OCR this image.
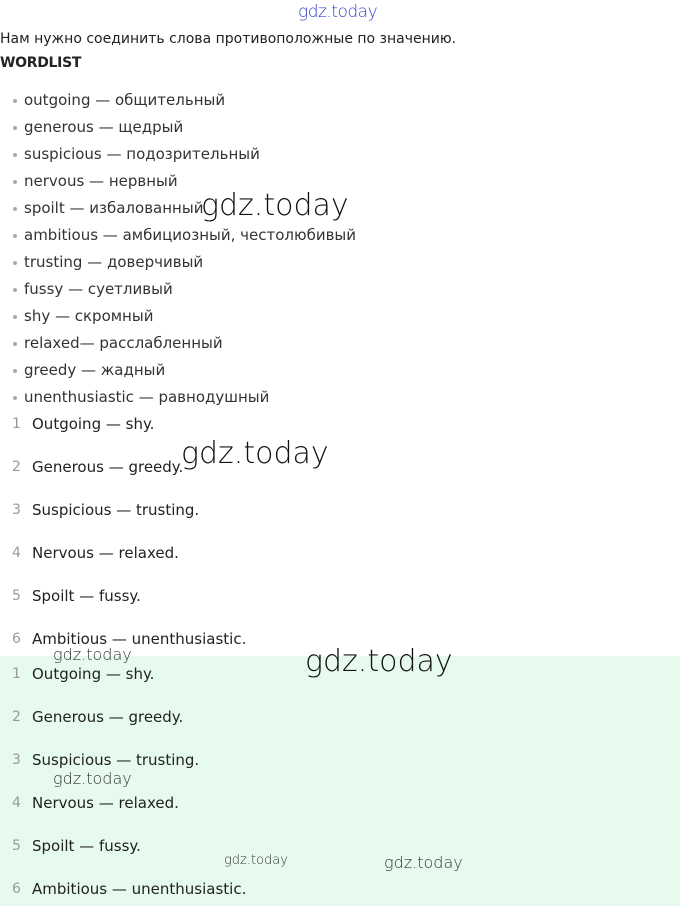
gdz.today
Нам нужно соединить слова противоположные по значению.
WORDLIST
outgoing — общительный
generous — щедрый
suspicious — подозрительный
nervous — нервный
spoilt — избалованный
ambitious — амбициозный, честолюбивый
trusting — доверчивый
fussy — суетливый
shy — скромный
relaxed— расслабленный
greedy — жадный
unenthusiastic — равнодушный
1 Outgoing — shy.
2 Generous — greedy.
3 Suspicious — trusting.
4 Nervous — relaxed.
5 Spoilt — fussy.
6 Ambitious — unenthusiastic.
1 Outgoing — shy.
2 Generous — greedy.
3 Suspicious — trusting.
4 Nervous — relaxed.
5 Spoilt — fussy.
6 Ambitious — unenthusiastic.
gdz.today
gdz.today
gdz.today
gdz.today
gdz.today
gdz.today	gdz.today
